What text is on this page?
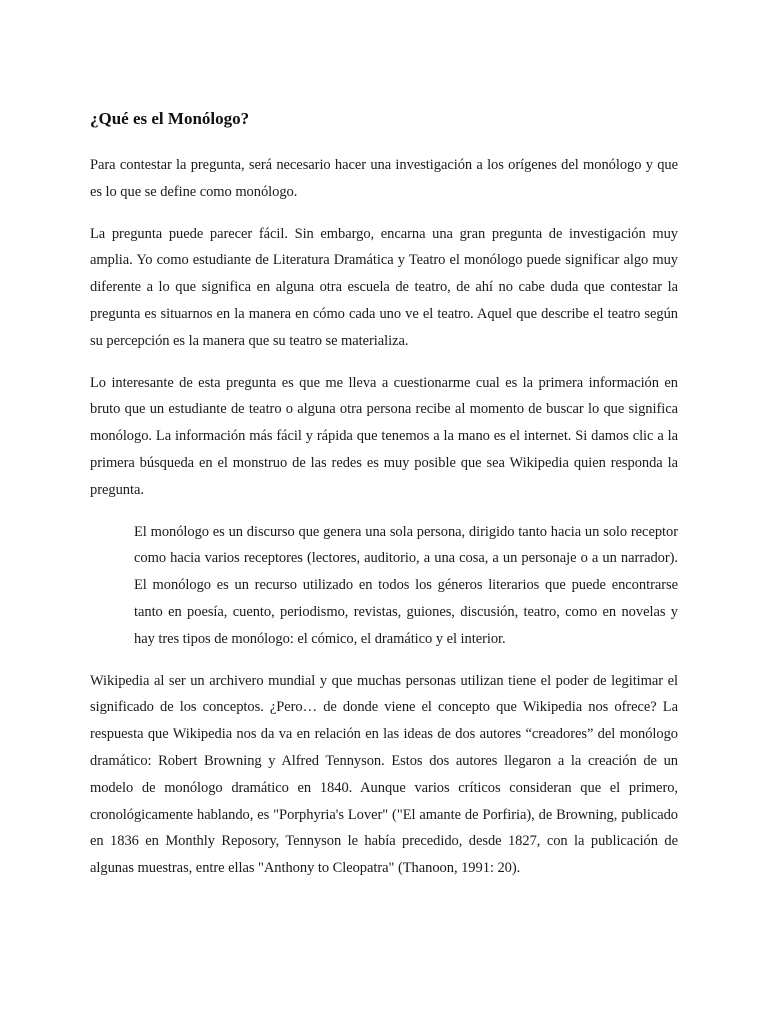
¿Qué es el Monólogo?

Para contestar la pregunta, será necesario hacer una investigación a los orígenes del monólogo y que es lo que se define como monólogo.

La pregunta puede parecer fácil. Sin embargo, encarna una gran pregunta de investigación muy amplia. Yo como estudiante de Literatura Dramática y Teatro el monólogo puede significar algo muy diferente a lo que significa en alguna otra escuela de teatro, de ahí no cabe duda que contestar la pregunta es situarnos en la manera en cómo cada uno ve el teatro. Aquel que describe el teatro según su percepción es la manera que su teatro se materializa.

Lo interesante de esta pregunta es que me lleva a cuestionarme cual es la primera información en bruto que un estudiante de teatro o alguna otra persona recibe al momento de buscar lo que significa monólogo. La información más fácil y rápida que tenemos a la mano es el internet. Si damos clic a la primera búsqueda en el monstruo de las redes es muy posible que sea Wikipedia quien responda la pregunta.

El monólogo es un discurso que genera una sola persona, dirigido tanto hacia un solo receptor como hacia varios receptores (lectores, auditorio, a una cosa, a un personaje o a un narrador). El monólogo es un recurso utilizado en todos los géneros literarios que puede encontrarse tanto en poesía, cuento, periodismo, revistas, guiones, discusión, teatro, como en novelas y hay tres tipos de monólogo: el cómico, el dramático y el interior.

Wikipedia al ser un archivero mundial y que muchas personas utilizan tiene el poder de legitimar el significado de los conceptos. ¿Pero… de donde viene el concepto que Wikipedia nos ofrece? La respuesta que Wikipedia nos da va en relación en las ideas de dos autores “creadores” del monólogo dramático: Robert Browning y Alfred Tennyson. Estos dos autores llegaron a la creación de un modelo de monólogo dramático en 1840. Aunque varios críticos consideran que el primero, cronológicamente hablando, es "Porphyria's Lover" ("El amante de Porfiria), de Browning, publicado en 1836 en Monthly Reposory, Tennyson le había precedido, desde 1827, con la publicación de algunas muestras, entre ellas "Anthony to Cleopatra" (Thanoon, 1991: 20).
